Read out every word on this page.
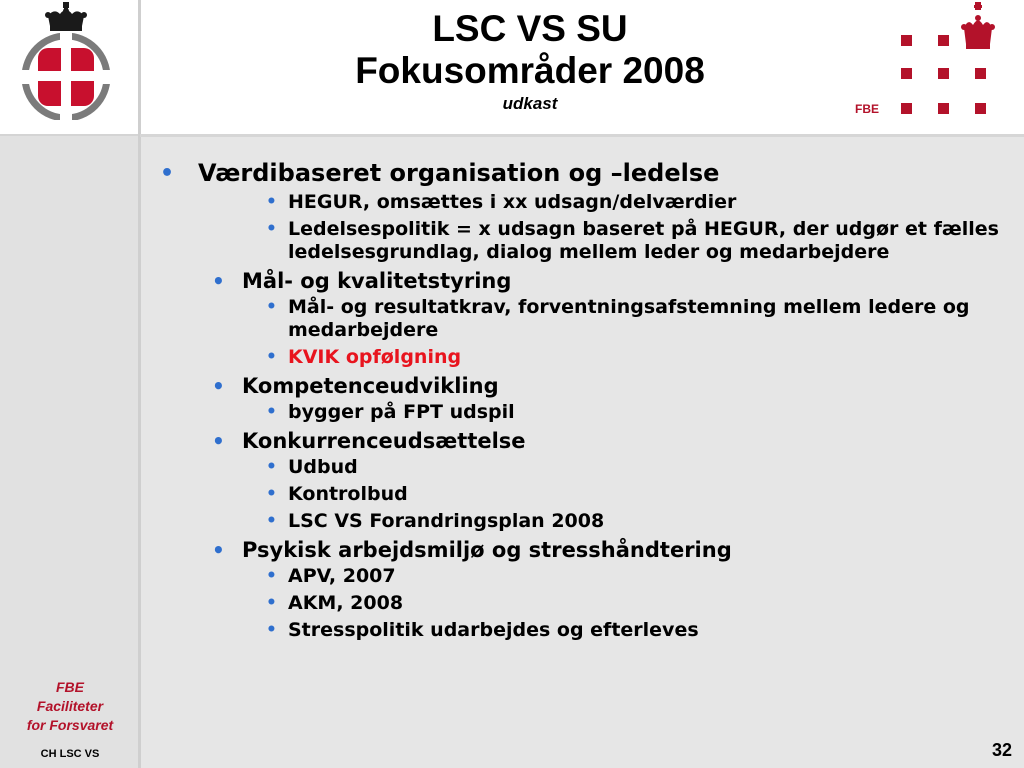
LSC VS SU
Fokusområder 2008
udkast	FBE
• Værdibaseret organisation og –ledelse
• HEGUR, omsættes i xx udsagn/delværdier
• Ledelsespolitik = x udsagn baseret på HEGUR, der udgør et fælles ledelsesgrundlag, dialog mellem leder og medarbejdere
• Mål- og kvalitetstyring
• Mål- og resultatkrav, forventningsafstemning mellem ledere og medarbejdere
• KVIK opfølgning
• Kompetenceudvikling
• bygger på FPT udspil
• Konkurrenceudsættelse
• Udbud
• Kontrolbud
• LSC VS Forandringsplan 2008
• Psykisk arbejdsmiljø og stresshåndtering
• APV, 2007
• AKM, 2008
• Stresspolitik udarbejdes og efterleves
FBE
Faciliteter
for Forsvaret
CH LSC VS	32
